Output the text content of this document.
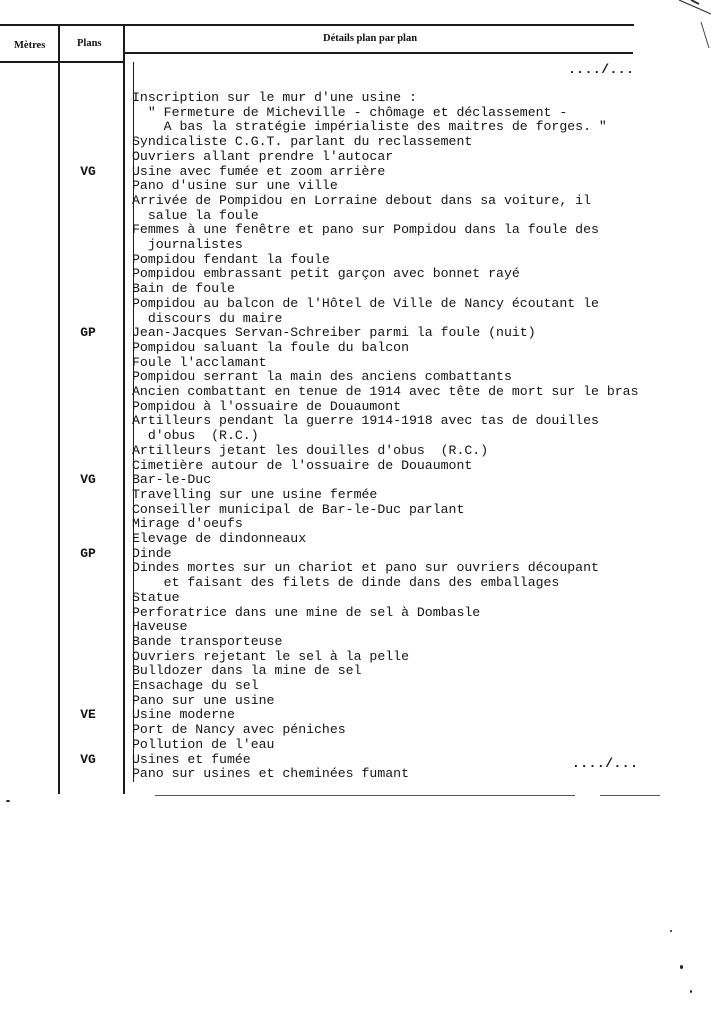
Mètres	Plans	Détails plan par plan
..../...
..../...
Inscription sur le mur d'une usine :
" Fermeture de Micheville - chômage et déclassement -
A bas la stratégie impérialiste des maitres de forges. "
Syndicaliste C.G.T. parlant du reclassement
Ouvriers allant prendre l'autocar
Usine avec fumée et zoom arrière
VG
Pano d'usine sur une ville
Arrivée de Pompidou en Lorraine debout dans sa voiture, il
salue la foule
Femmes à une fenêtre et pano sur Pompidou dans la foule des
journalistes
Pompidou fendant la foule
Pompidou embrassant petit garçon avec bonnet rayé
Bain de foule
Pompidou au balcon de l'Hôtel de Ville de Nancy écoutant le
discours du maire
Jean-Jacques Servan-Schreiber parmi la foule (nuit)
GP
Pompidou saluant la foule du balcon
Foule l'acclamant
Pompidou serrant la main des anciens combattants
Ancien combattant en tenue de 1914 avec tête de mort sur le bras
Pompidou à l'ossuaire de Douaumont
Artilleurs pendant la guerre 1914-1918 avec tas de douilles
d'obus  (R.C.)
Artilleurs jetant les douilles d'obus  (R.C.)
Cimetière autour de l'ossuaire de Douaumont
Bar-le-Duc
VG
Travelling sur une usine fermée
Conseiller municipal de Bar-le-Duc parlant
Mirage d'oeufs
Elevage de dindonneaux
Dinde
GP
Dindes mortes sur un chariot et pano sur ouvriers découpant
et faisant des filets de dinde dans des emballages
Statue
Perforatrice dans une mine de sel à Dombasle
Haveuse
Bande transporteuse
Ouvriers rejetant le sel à la pelle
Bulldozer dans la mine de sel
Ensachage du sel
Pano sur une usine
Usine moderne
VE
Port de Nancy avec péniches
Pollution de l'eau
Usines et fumée
VG
Pano sur usines et cheminées fumant
